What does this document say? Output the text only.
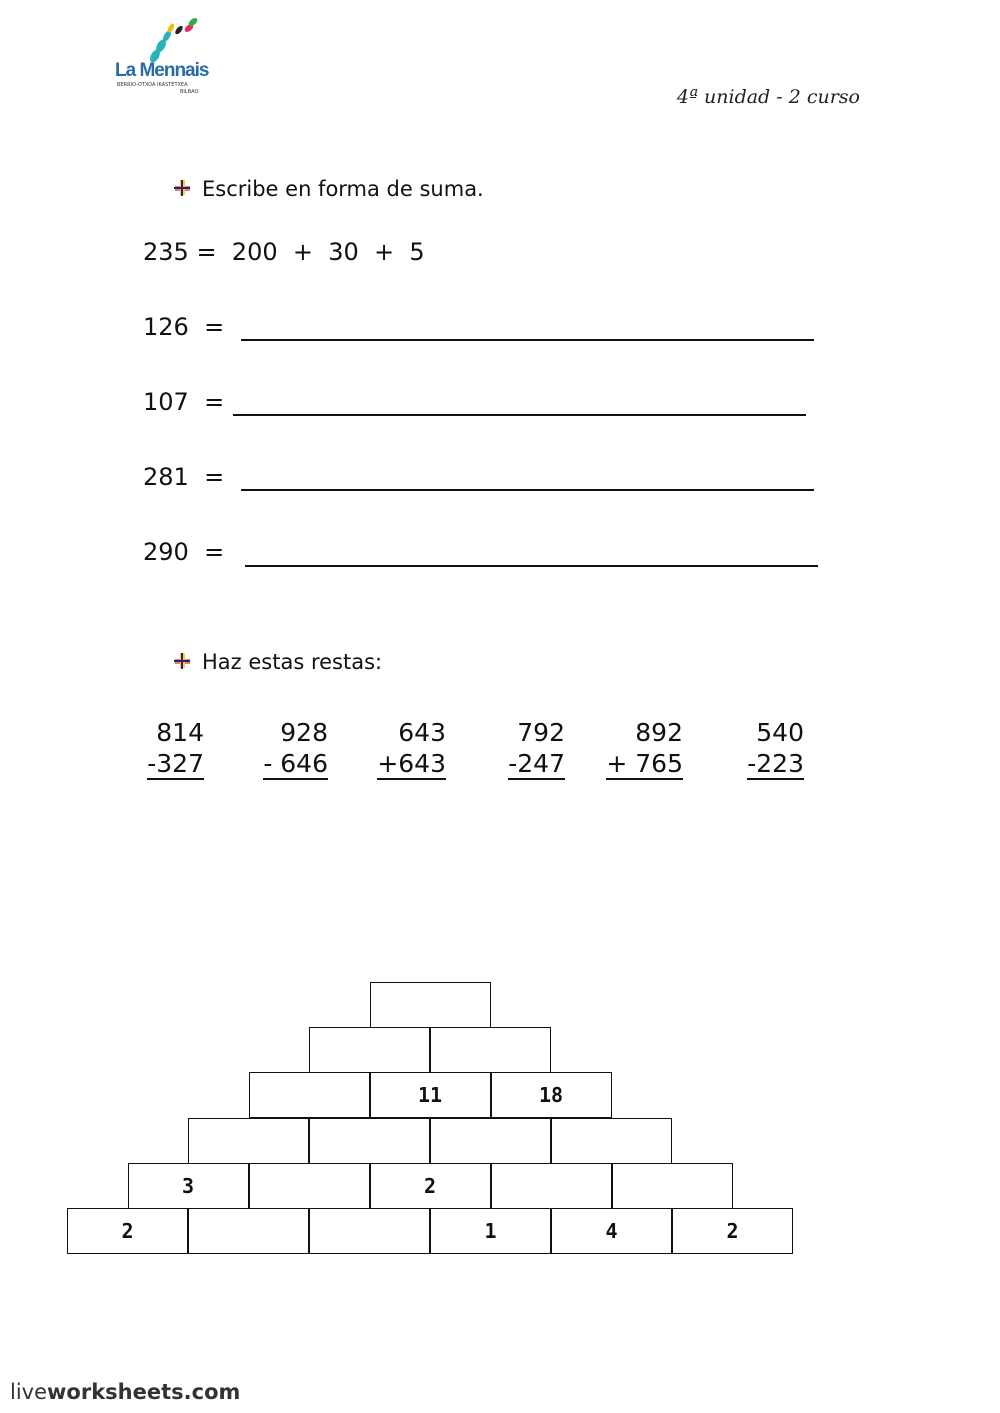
La Mennais
BERRIO-OTXOA IKASTETXEA
BILBAO	4ª unidad - 2 curso
Escribe en forma de suma.
235 =  200  +  30  +  5
126  =
107  =
281  =
290  =
Haz estas restas:
814
-327
928
- 646
643
+643
792
-247
892
+ 765
540
-223
11	18
3	2
2	1	4	2
liveworksheets.com
